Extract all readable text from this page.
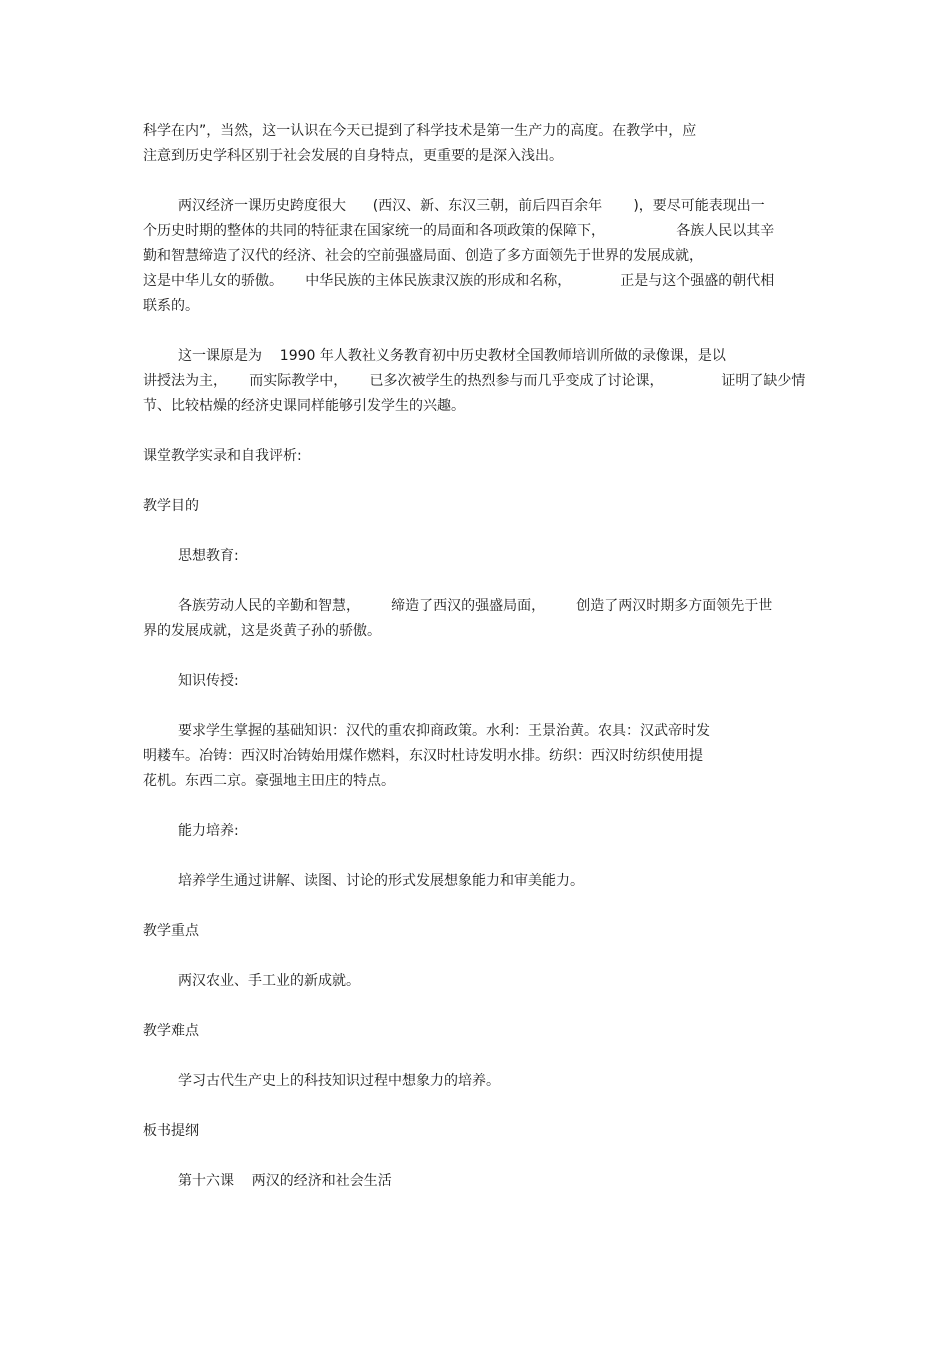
科学在内”，当然，这一认识在今天已提到了科学技术是第一生产力的高度。在教学中，应
注意到历史学科区别于社会发展的自身特点，更重要的是深入浅出。
两汉经济一课历史跨度很大      (西汉、新、东汉三朝，前后四百余年       )，要尽可能表现出一
个历史时期的整体的共同的特征隶在国家统一的局面和各项政策的保障下，                各族人民以其辛
勤和智慧缔造了汉代的经济、社会的空前强盛局面、创造了多方面领先于世界的发展成就，
这是中华儿女的骄傲。     中华民族的主体民族隶汉族的形成和名称，           正是与这个强盛的朝代相
联系的。
这一课原是为    1990 年人教社义务教育初中历史教材全国教师培训所做的录像课，是以
讲授法为主，     而实际教学中，     已多次被学生的热烈参与而几乎变成了讨论课，             证明了缺少情
节、比较枯燥的经济史课同样能够引发学生的兴趣。
课堂教学实录和自我评析:
教学目的
思想教育:
各族劳动人民的辛勤和智慧，       缔造了西汉的强盛局面，       创造了两汉时期多方面领先于世
界的发展成就，这是炎黄子孙的骄傲。
知识传授:
要求学生掌握的基础知识：汉代的重农抑商政策。水利：王景治黄。农具：汉武帝时发
明耧车。冶铸：西汉时冶铸始用煤作燃料，东汉时杜诗发明水排。纺织：西汉时纺织使用提
花机。东西二京。豪强地主田庄的特点。
能力培养:
培养学生通过讲解、读图、讨论的形式发展想象能力和审美能力。
教学重点
两汉农业、手工业的新成就。
教学难点
学习古代生产史上的科技知识过程中想象力的培养。
板书提纲
第十六课    两汉的经济和社会生活
